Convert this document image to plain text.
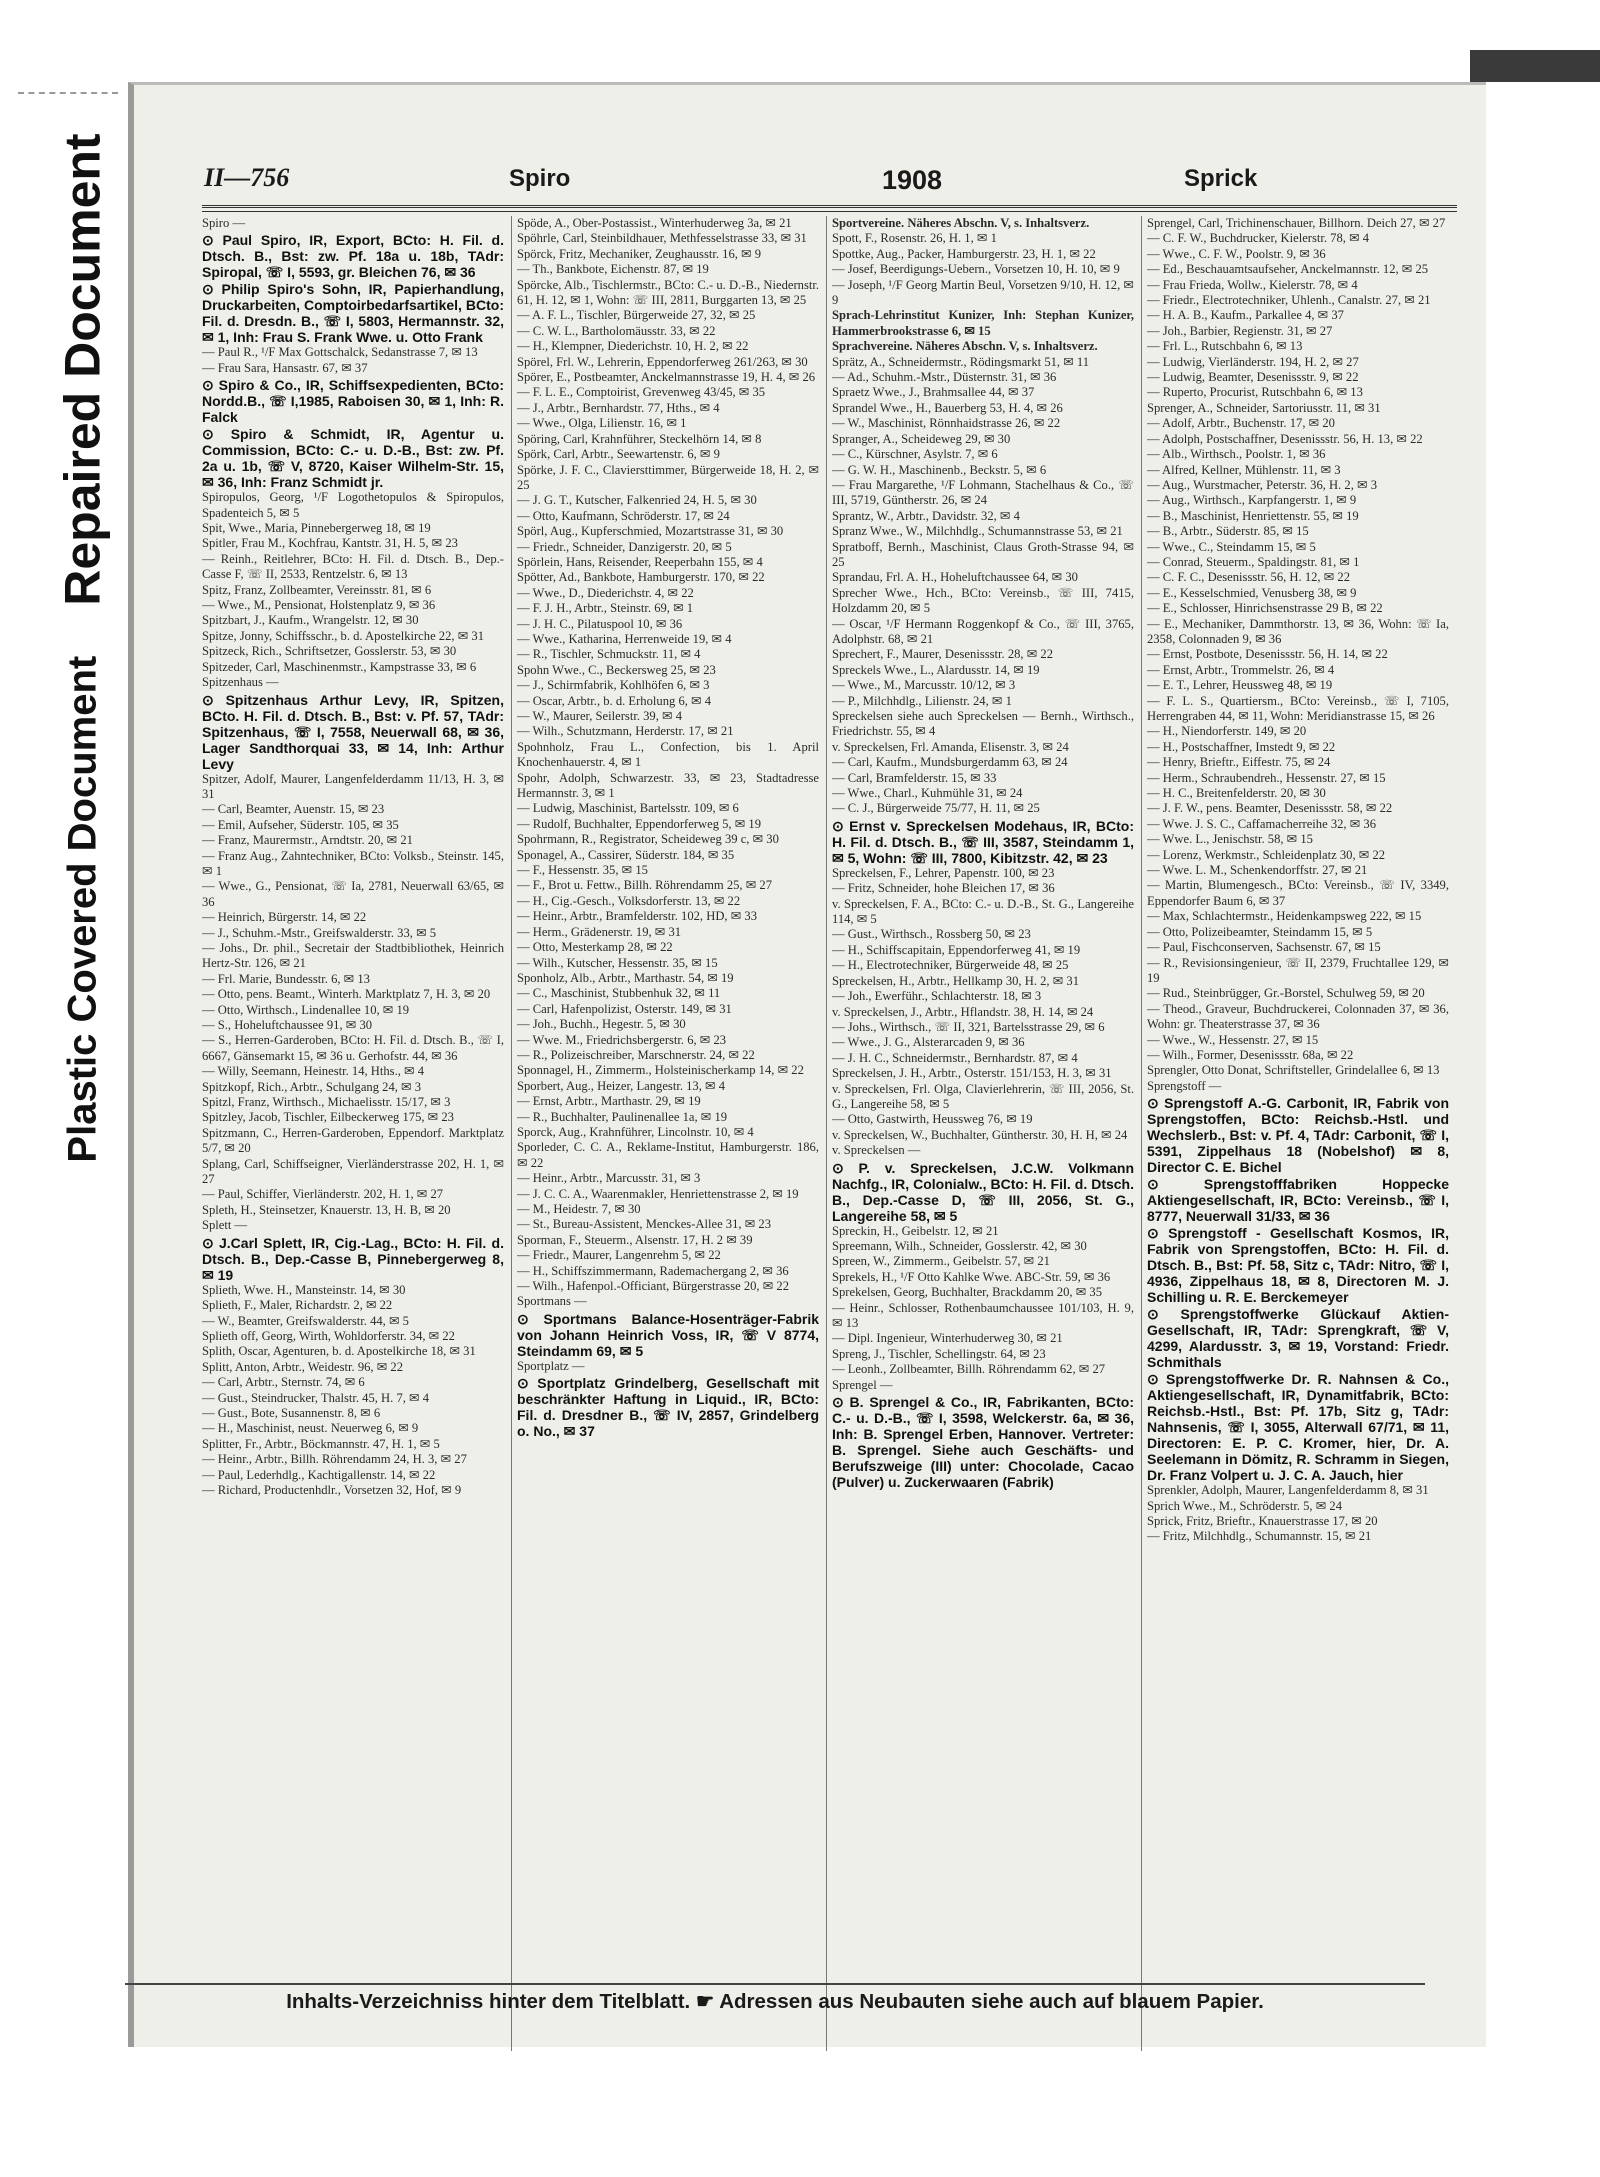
Plastic Covered Document
Repaired Document	II—756	Spiro	1908	Sprick

Spiro —

⊙ Paul Spiro, IR, Export, BCto: H. Fil. d. Dtsch. B., Bst: zw. Pf. 18a u. 18b, TAdr: Spiropal, ☏ I, 5593, gr. Bleichen 76, ✉ 36

⊙ Philip Spiro's Sohn, IR, Papierhandlung, Druckarbeiten, Comptoirbedarfsartikel, BCto: Fil. d. Dresdn. B., ☏ I, 5803, Hermannstr. 32, ✉ 1, Inh: Frau S. Frank Wwe. u. Otto Frank

— Paul R., ¹/F Max Gottschalck, Sedanstrasse 7, ✉ 13

— Frau Sara, Hansastr. 67, ✉ 37

⊙ Spiro & Co., IR, Schiffsexpedienten, BCto: Nordd.B., ☏ I,1985, Raboisen 30, ✉ 1, Inh: R. Falck

⊙ Spiro & Schmidt, IR, Agentur u. Commission, BCto: C.- u. D.-B., Bst: zw. Pf. 2a u. 1b, ☏ V, 8720, Kaiser Wilhelm-Str. 15, ✉ 36, Inh: Franz Schmidt jr.

Spiropulos, Georg, ¹/F Logothetopulos & Spiropulos, Spadenteich 5, ✉ 5

Spit, Wwe., Maria, Pinnebergerweg 18, ✉ 19

Spitler, Frau M., Kochfrau, Kantstr. 31, H. 5, ✉ 23

— Reinh., Reitlehrer, BCto: H. Fil. d. Dtsch. B., Dep.-Casse F, ☏ II, 2533, Rentzelstr. 6, ✉ 13

Spitz, Franz, Zollbeamter, Vereinsstr. 81, ✉ 6

— Wwe., M., Pensionat, Holstenplatz 9, ✉ 36

Spitzbart, J., Kaufm., Wrangelstr. 12, ✉ 30

Spitze, Jonny, Schiffsschr., b. d. Apostelkirche 22, ✉ 31

Spitzeck, Rich., Schriftsetzer, Gosslerstr. 53, ✉ 30

Spitzeder, Carl, Maschinenmstr., Kampstrasse 33, ✉ 6

Spitzenhaus —

⊙ Spitzenhaus Arthur Levy, IR, Spitzen, BCto. H. Fil. d. Dtsch. B., Bst: v. Pf. 57, TAdr: Spitzenhaus, ☏ I, 7558, Neuerwall 68, ✉ 36, Lager Sandthorquai 33, ✉ 14, Inh: Arthur Levy

Spitzer, Adolf, Maurer, Langenfelderdamm 11/13, H. 3, ✉ 31

— Carl, Beamter, Auenstr. 15, ✉ 23

— Emil, Aufseher, Süderstr. 105, ✉ 35

— Franz, Maurermstr., Arndtstr. 20, ✉ 21

— Franz Aug., Zahntechniker, BCto: Volksb., Steinstr. 145, ✉ 1

— Wwe., G., Pensionat, ☏ Ia, 2781, Neuerwall 63/65, ✉ 36

— Heinrich, Bürgerstr. 14, ✉ 22

— J., Schuhm.-Mstr., Greifswalderstr. 33, ✉ 5

— Johs., Dr. phil., Secretair der Stadtbibliothek, Heinrich Hertz-Str. 126, ✉ 21

— Frl. Marie, Bundesstr. 6, ✉ 13

— Otto, pens. Beamt., Winterh. Marktplatz 7, H. 3, ✉ 20

— Otto, Wirthsch., Lindenallee 10, ✉ 19

— S., Hoheluftchaussee 91, ✉ 30

— S., Herren-Garderoben, BCto: H. Fil. d. Dtsch. B., ☏ I, 6667, Gänsemarkt 15, ✉ 36 u. Gerhofstr. 44, ✉ 36

— Willy, Seemann, Heinestr. 14, Hths., ✉ 4

Spitzkopf, Rich., Arbtr., Schulgang 24, ✉ 3

Spitzl, Franz, Wirthsch., Michaelisstr. 15/17, ✉ 3

Spitzley, Jacob, Tischler, Eilbeckerweg 175, ✉ 23

Spitzmann, C., Herren-Garderoben, Eppendorf. Marktplatz 5/7, ✉ 20

Splang, Carl, Schiffseigner, Vierländerstrasse 202, H. 1, ✉ 27

— Paul, Schiffer, Vierländerstr. 202, H. 1, ✉ 27

Spleth, H., Steinsetzer, Knauerstr. 13, H. B, ✉ 20

Splett —

⊙ J.Carl Splett, IR, Cig.-Lag., BCto: H. Fil. d. Dtsch. B., Dep.-Casse B, Pinnebergerweg 8, ✉ 19

Splieth, Wwe. H., Mansteinstr. 14, ✉ 30

Splieth, F., Maler, Richardstr. 2, ✉ 22

— W., Beamter, Greifswalderstr. 44, ✉ 5

Splieth off, Georg, Wirth, Wohldorferstr. 34, ✉ 22

Splith, Oscar, Agenturen, b. d. Apostelkirche 18, ✉ 31

Splitt, Anton, Arbtr., Weidestr. 96, ✉ 22

— Carl, Arbtr., Sternstr. 74, ✉ 6

— Gust., Steindrucker, Thalstr. 45, H. 7, ✉ 4

— Gust., Bote, Susannenstr. 8, ✉ 6

— H., Maschinist, neust. Neuerweg 6, ✉ 9

Splitter, Fr., Arbtr., Böckmannstr. 47, H. 1, ✉ 5

— Heinr., Arbtr., Billh. Röhrendamm 24, H. 3, ✉ 27

— Paul, Lederhdlg., Kachtigallenstr. 14, ✉ 22

— Richard, Productenhdlr., Vorsetzen 32, Hof, ✉ 9

Spöde, A., Ober-Postassist., Winterhuderweg 3a, ✉ 21

Spöhrle, Carl, Steinbildhauer, Methfesselstrasse 33, ✉ 31

Spörck, Fritz, Mechaniker, Zeughausstr. 16, ✉ 9

— Th., Bankbote, Eichenstr. 87, ✉ 19

Spörcke, Alb., Tischlermstr., BCto: C.- u. D.-B., Niedernstr. 61, H. 12, ✉ 1, Wohn: ☏ III, 2811, Burggarten 13, ✉ 25

— A. F. L., Tischler, Bürgerweide 27, 32, ✉ 25

— C. W. L., Bartholomäusstr. 33, ✉ 22

— H., Klempner, Diederichstr. 10, H. 2, ✉ 22

Spörel, Frl. W., Lehrerin, Eppendorferweg 261/263, ✉ 30

Spörer, E., Postbeamter, Anckelmannstrasse 19, H. 4, ✉ 26

— F. L. E., Comptoirist, Grevenweg 43/45, ✉ 35

— J., Arbtr., Bernhardstr. 77, Hths., ✉ 4

— Wwe., Olga, Lilienstr. 16, ✉ 1

Spöring, Carl, Krahnführer, Steckelhörn 14, ✉ 8

Spörk, Carl, Arbtr., Seewartenstr. 6, ✉ 9

Spörke, J. F. C., Claviersttimmer, Bürgerweide 18, H. 2, ✉ 25

— J. G. T., Kutscher, Falkenried 24, H. 5, ✉ 30

— Otto, Kaufmann, Schröderstr. 17, ✉ 24

Spörl, Aug., Kupferschmied, Mozartstrasse 31, ✉ 30

— Friedr., Schneider, Danzigerstr. 20, ✉ 5

Spörlein, Hans, Reisender, Reeperbahn 155, ✉ 4

Spötter, Ad., Bankbote, Hamburgerstr. 170, ✉ 22

— Wwe., D., Diederichstr. 4, ✉ 22

— F. J. H., Arbtr., Steinstr. 69, ✉ 1

— J. H. C., Pilatuspool 10, ✉ 36

— Wwe., Katharina, Herrenweide 19, ✉ 4

— R., Tischler, Schmuckstr. 11, ✉ 4

Spohn Wwe., C., Beckersweg 25, ✉ 23

— J., Schirmfabrik, Kohlhöfen 6, ✉ 3

— Oscar, Arbtr., b. d. Erholung 6, ✉ 4

— W., Maurer, Seilerstr. 39, ✉ 4

— Wilh., Schutzmann, Herderstr. 17, ✉ 21

Spohnholz, Frau L., Confection, bis 1. April Knochenhauerstr. 4, ✉ 1

Spohr, Adolph, Schwarzestr. 33, ✉ 23, Stadtadresse Hermannstr. 3, ✉ 1

— Ludwig, Maschinist, Bartelsstr. 109, ✉ 6

— Rudolf, Buchhalter, Eppendorferweg 5, ✉ 19

Spohrmann, R., Registrator, Scheideweg 39 c, ✉ 30

Sponagel, A., Cassirer, Süderstr. 184, ✉ 35

— F., Hessenstr. 35, ✉ 15

— F., Brot u. Fettw., Billh. Röhrendamm 25, ✉ 27

— H., Cig.-Gesch., Volksdorferstr. 13, ✉ 22

— Heinr., Arbtr., Bramfelderstr. 102, HD, ✉ 33

— Herm., Grädenerstr. 19, ✉ 31

— Otto, Mesterkamp 28, ✉ 22

— Wilh., Kutscher, Hessenstr. 35, ✉ 15

Sponholz, Alb., Arbtr., Marthastr. 54, ✉ 19

— C., Maschinist, Stubbenhuk 32, ✉ 11

— Carl, Hafenpolizist, Osterstr. 149, ✉ 31

— Joh., Buchh., Hegestr. 5, ✉ 30

— Wwe. M., Friedrichsbergerstr. 6, ✉ 23

— R., Polizeischreiber, Marschnerstr. 24, ✉ 22

Sponnagel, H., Zimmerm., Holsteinischerkamp 14, ✉ 22

Sporbert, Aug., Heizer, Langestr. 13, ✉ 4

— Ernst, Arbtr., Marthastr. 29, ✉ 19

— R., Buchhalter, Paulinenallee 1a, ✉ 19

Sporck, Aug., Krahnführer, Lincolnstr. 10, ✉ 4

Sporleder, C. C. A., Reklame-Institut, Hamburgerstr. 186, ✉ 22

— Heinr., Arbtr., Marcusstr. 31, ✉ 3

— J. C. C. A., Waarenmakler, Henriettenstrasse 2, ✉ 19

— M., Heidestr. 7, ✉ 30

— St., Bureau-Assistent, Menckes-Allee 31, ✉ 23

Sporman, F., Steuerm., Alsenstr. 17, H. 2 ✉ 39

— Friedr., Maurer, Langenrehm 5, ✉ 22

— H., Schiffszimmermann, Rademachergang 2, ✉ 36

— Wilh., Hafenpol.-Officiant, Bürgerstrasse 20, ✉ 22

Sportmans —

⊙ Sportmans Balance-Hosenträger-Fabrik von Johann Heinrich Voss, IR, ☏ V 8774, Steindamm 69, ✉ 5

Sportplatz —

⊙ Sportplatz Grindelberg, Gesellschaft mit beschränkter Haftung in Liquid., IR, BCto: Fil. d. Dresdner B., ☏ IV, 2857, Grindelberg o. No., ✉ 37

Sportvereine. Näheres Abschn. V, s. Inhaltsverz.

Spott, F., Rosenstr. 26, H. 1, ✉ 1

Spottke, Aug., Packer, Hamburgerstr. 23, H. 1, ✉ 22

— Josef, Beerdigungs-Uebern., Vorsetzen 10, H. 10, ✉ 9

— Joseph, ¹/F Georg Martin Beul, Vorsetzen 9/10, H. 12, ✉ 9

Sprach-Lehrinstitut Kunizer, Inh: Stephan Kunizer, Hammerbrookstrasse 6, ✉ 15

Sprachvereine. Näheres Abschn. V, s. Inhaltsverz.

Sprätz, A., Schneidermstr., Rödingsmarkt 51, ✉ 11

— Ad., Schuhm.-Mstr., Düsternstr. 31, ✉ 36

Spraetz Wwe., J., Brahmsallee 44, ✉ 37

Sprandel Wwe., H., Bauerberg 53, H. 4, ✉ 26

— W., Maschinist, Rönnhaidstrasse 26, ✉ 22

Spranger, A., Scheideweg 29, ✉ 30

— C., Kürschner, Asylstr. 7, ✉ 6

— G. W. H., Maschinenb., Beckstr. 5, ✉ 6

— Frau Margarethe, ¹/F Lohmann, Stachelhaus & Co., ☏ III, 5719, Güntherstr. 26, ✉ 24

Sprantz, W., Arbtr., Davidstr. 32, ✉ 4

Spranz Wwe., W., Milchhdlg., Schumannstrasse 53, ✉ 21

Spratboff, Bernh., Maschinist, Claus Groth-Strasse 94, ✉ 25

Sprandau, Frl. A. H., Hoheluftchaussee 64, ✉ 30

Sprecher Wwe., Hch., BCto: Vereinsb., ☏ III, 7415, Holzdamm 20, ✉ 5

— Oscar, ¹/F Hermann Roggenkopf & Co., ☏ III, 3765, Adolphstr. 68, ✉ 21

Sprechert, F., Maurer, Desenissstr. 28, ✉ 22

Spreckels Wwe., L., Alardusstr. 14, ✉ 19

— Wwe., M., Marcusstr. 10/12, ✉ 3

— P., Milchhdlg., Lilienstr. 24, ✉ 1

Spreckelsen siehe auch Spreckelsen — Bernh., Wirthsch., Friedrichstr. 55, ✉ 4

v. Spreckelsen, Frl. Amanda, Elisenstr. 3, ✉ 24

— Carl, Kaufm., Mundsburgerdamm 63, ✉ 24

— Carl, Bramfelderstr. 15, ✉ 33

— Wwe., Charl., Kuhmühle 31, ✉ 24

— C. J., Bürgerweide 75/77, H. 11, ✉ 25

⊙ Ernst v. Spreckelsen Modehaus, IR, BCto: H. Fil. d. Dtsch. B., ☏ III, 3587, Steindamm 1, ✉ 5, Wohn: ☏ III, 7800, Kibitzstr. 42, ✉ 23

Spreckelsen, F., Lehrer, Papenstr. 100, ✉ 23

— Fritz, Schneider, hohe Bleichen 17, ✉ 36

v. Spreckelsen, F. A., BCto: C.- u. D.-B., St. G., Langereihe 114, ✉ 5

— Gust., Wirthsch., Rossberg 50, ✉ 23

— H., Schiffscapitain, Eppendorferweg 41, ✉ 19

— H., Electrotechniker, Bürgerweide 48, ✉ 25

Spreckelsen, H., Arbtr., Hellkamp 30, H. 2, ✉ 31

— Joh., Ewerführ., Schlachterstr. 18, ✉ 3

v. Spreckelsen, J., Arbtr., Hflandstr. 38, H. 14, ✉ 24

— Johs., Wirthsch., ☏ II, 321, Bartelsstrasse 29, ✉ 6

— Wwe., J. G., Alsterarcaden 9, ✉ 36

— J. H. C., Schneidermstr., Bernhardstr. 87, ✉ 4

Spreckelsen, J. H., Arbtr., Osterstr. 151/153, H. 3, ✉ 31

v. Spreckelsen, Frl. Olga, Clavierlehrerin, ☏ III, 2056, St. G., Langereihe 58, ✉ 5

— Otto, Gastwirth, Heussweg 76, ✉ 19

v. Spreckelsen, W., Buchhalter, Güntherstr. 30, H. H, ✉ 24

v. Spreckelsen —

⊙ P. v. Spreckelsen, J.C.W. Volkmann Nachfg., IR, Colonialw., BCto: H. Fil. d. Dtsch. B., Dep.-Casse D, ☏ III, 2056, St. G., Langereihe 58, ✉ 5

Spreckin, H., Geibelstr. 12, ✉ 21

Spreemann, Wilh., Schneider, Gosslerstr. 42, ✉ 30

Spreen, W., Zimmerm., Geibelstr. 57, ✉ 21

Sprekels, H., ¹/F Otto Kahlke Wwe. ABC-Str. 59, ✉ 36

Sprekelsen, Georg, Buchhalter, Brackdamm 20, ✉ 35

— Heinr., Schlosser, Rothenbaumchaussee 101/103, H. 9, ✉ 13

— Dipl. Ingenieur, Winterhuderweg 30, ✉ 21

Spreng, J., Tischler, Schellingstr. 64, ✉ 23

— Leonh., Zollbeamter, Billh. Röhrendamm 62, ✉ 27

Sprengel —

⊙ B. Sprengel & Co., IR, Fabrikanten, BCto: C.- u. D.-B., ☏ I, 3598, Welckerstr. 6a, ✉ 36, Inh: B. Sprengel Erben, Hannover. Vertreter: B. Sprengel. Siehe auch Geschäfts- und Berufszweige (III) unter: Chocolade, Cacao (Pulver) u. Zuckerwaaren (Fabrik)

Sprengel, Carl, Trichinenschauer, Billhorn. Deich 27, ✉ 27

— C. F. W., Buchdrucker, Kielerstr. 78, ✉ 4

— Wwe., C. F. W., Poolstr. 9, ✉ 36

— Ed., Beschauamtsaufseher, Anckelmannstr. 12, ✉ 25

— Frau Frieda, Wollw., Kielerstr. 78, ✉ 4

— Friedr., Electrotechniker, Uhlenh., Canalstr. 27, ✉ 21

— H. A. B., Kaufm., Parkallee 4, ✉ 37

— Joh., Barbier, Regienstr. 31, ✉ 27

— Frl. L., Rutschbahn 6, ✉ 13

— Ludwig, Vierländerstr. 194, H. 2, ✉ 27

— Ludwig, Beamter, Desenissstr. 9, ✉ 22

— Ruperto, Procurist, Rutschbahn 6, ✉ 13

Sprenger, A., Schneider, Sartoriusstr. 11, ✉ 31

— Adolf, Arbtr., Buchenstr. 17, ✉ 20

— Adolph, Postschaffner, Desenissstr. 56, H. 13, ✉ 22

— Alb., Wirthsch., Poolstr. 1, ✉ 36

— Alfred, Kellner, Mühlenstr. 11, ✉ 3

— Aug., Wurstmacher, Peterstr. 36, H. 2, ✉ 3

— Aug., Wirthsch., Karpfangerstr. 1, ✉ 9

— B., Maschinist, Henriettenstr. 55, ✉ 19

— B., Arbtr., Süderstr. 85, ✉ 15

— Wwe., C., Steindamm 15, ✉ 5

— Conrad, Steuerm., Spaldingstr. 81, ✉ 1

— C. F. C., Desenissstr. 56, H. 12, ✉ 22

— E., Kesselschmied, Venusberg 38, ✉ 9

— E., Schlosser, Hinrichsenstrasse 29 B, ✉ 22

— E., Mechaniker, Dammthorstr. 13, ✉ 36, Wohn: ☏ Ia, 2358, Colonnaden 9, ✉ 36

— Ernst, Postbote, Desenissstr. 56, H. 14, ✉ 22

— Ernst, Arbtr., Trommelstr. 26, ✉ 4

— E. T., Lehrer, Heussweg 48, ✉ 19

— F. L. S., Quartiersm., BCto: Vereinsb., ☏ I, 7105, Herrengraben 44, ✉ 11, Wohn: Meridianstrasse 15, ✉ 26

— H., Niendorferstr. 149, ✉ 20

— H., Postschaffner, Imstedt 9, ✉ 22

— Henry, Brieftr., Eiffestr. 75, ✉ 24

— Herm., Schraubendreh., Hessenstr. 27, ✉ 15

— H. C., Breitenfelderstr. 20, ✉ 30

— J. F. W., pens. Beamter, Desenissstr. 58, ✉ 22

— Wwe. J. S. C., Caffamacherreihe 32, ✉ 36

— Wwe. L., Jenischstr. 58, ✉ 15

— Lorenz, Werkmstr., Schleidenplatz 30, ✉ 22

— Wwe. L. M., Schenkendorffstr. 27, ✉ 21

— Martin, Blumengesch., BCto: Vereinsb., ☏ IV, 3349, Eppendorfer Baum 6, ✉ 37

— Max, Schlachtermstr., Heidenkampsweg 222, ✉ 15

— Otto, Polizeibeamter, Steindamm 15, ✉ 5

— Paul, Fischconserven, Sachsenstr. 67, ✉ 15

— R., Revisionsingenieur, ☏ II, 2379, Fruchtallee 129, ✉ 19

— Rud., Steinbrügger, Gr.-Borstel, Schulweg 59, ✉ 20

— Theod., Graveur, Buchdruckerei, Colonnaden 37, ✉ 36, Wohn: gr. Theaterstrasse 37, ✉ 36

— Wwe., W., Hessenstr. 27, ✉ 15

— Wilh., Former, Desenissstr. 68a, ✉ 22

Sprengler, Otto Donat, Schriftsteller, Grindelallee 6, ✉ 13

Sprengstoff —

⊙ Sprengstoff A.-G. Carbonit, IR, Fabrik von Sprengstoffen, BCto: Reichsb.-Hstl. und Wechslerb., Bst: v. Pf. 4, TAdr: Carbonit, ☏ I, 5391, Zippelhaus 18 (Nobelshof) ✉ 8, Director C. E. Bichel

⊙ Sprengstofffabriken Hoppecke Aktiengesellschaft, IR, BCto: Vereinsb., ☏ I, 8777, Neuerwall 31/33, ✉ 36

⊙ Sprengstoff - Gesellschaft Kosmos, IR, Fabrik von Sprengstoffen, BCto: H. Fil. d. Dtsch. B., Bst: Pf. 58, Sitz c, TAdr: Nitro, ☏ I, 4936, Zippelhaus 18, ✉ 8, Directoren M. J. Schilling u. R. E. Berckemeyer

⊙ Sprengstoffwerke Glückauf Aktien-Gesellschaft, IR, TAdr: Sprengkraft, ☏ V, 4299, Alardusstr. 3, ✉ 19, Vorstand: Friedr. Schmithals

⊙ Sprengstoffwerke Dr. R. Nahnsen & Co., Aktiengesellschaft, IR, Dynamitfabrik, BCto: Reichsb.-Hstl., Bst: Pf. 17b, Sitz g, TAdr: Nahnsenis, ☏ I, 3055, Alterwall 67/71, ✉ 11, Directoren: E. P. C. Kromer, hier, Dr. A. Seelemann in Dömitz, R. Schramm in Siegen, Dr. Franz Volpert u. J. C. A. Jauch, hier

Sprenkler, Adolph, Maurer, Langenfelderdamm 8, ✉ 31

Sprich Wwe., M., Schröderstr. 5, ✉ 24

Sprick, Fritz, Brieftr., Knauerstrasse 17, ✉ 20

— Fritz, Milchhdlg., Schumannstr. 15, ✉ 21

Inhalts-Verzeichniss hinter dem Titelblatt. ☛ Adressen aus Neubauten siehe auch auf blauem Papier.
